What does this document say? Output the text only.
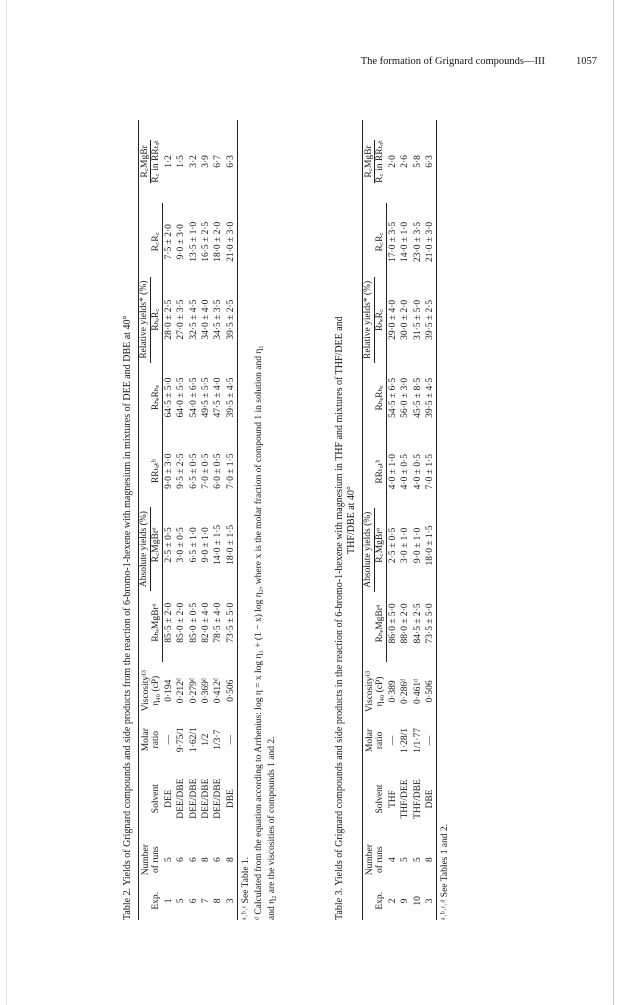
The formation of Grignard compounds—III	1057

Table 2. Yields of Grignard compounds and side products from the reaction of 6-bromo-1-hexene with magnesium in mixtures of DEE and DBE at 40° Exp.	Number of runs	Solvent	Molar ratio	Viscosity¹³ η₄₀ (cP)	Absolute yields (%)			Relative yields* (%)			R꜀MgBr R꜀ in RRₜₒₜ
					RₕₑMgBrᵃ	R꜀MgBrᵃ	RRₜₒₜᵇ	RₕₑRₕₑ	RₕₑR꜀	R꜀R꜀	
1	5	DEE	—	0·194	85·5 ± 2·0	2·5 ± 0·5	9·0 ± 3·0	64·5 ± 5·0	28·0 ± 2·5	7·5 ± 2·0	1·2
5	6	DEE/DBE	9·75/1	0·212ᵈ	85·0 ± 2·0	3·0 ± 0·5	9·5 ± 2·5	64·0 ± 5·5	27·0 ± 3·5	9·0 ± 3·0	1·5
6	6	DEE/DBE	1·62/1	0·279ᵈ	85·0 ± 0·5	6·5 ± 1·0	6·5 ± 0·5	54·0 ± 6·5	32·5 ± 4·5	13·5 ± 1·0	3·2
7	8	DEE/DBE	1/2	0·369ᵈ	82·0 ± 4·0	9·0 ± 1·0	7·0 ± 0·5	49·5 ± 5·5	34·0 ± 4·0	16·5 ± 2·5	3·9
8	6	DEE/DBE	1/3·7	0·412ᵈ	78·5 ± 4·0	14·0 ± 1·5	6·0 ± 0·5	47·5 ± 4·0	34·5 ± 3·5	18·0 ± 2·0	6·7
3	8	DBE	—	0·506	73·5 ± 5·0	18·0 ± 1·5	7·0 ± 1·5	39·5 ± 4·5	39·5 ± 2·5	21·0 ± 3·0	6·3

ᵃ˒ᵇ˒ᶜ See Table 1. ᵈ Calculated from the equation according to Arrhenius: log η = x log η₁ + (1 − x) log η₂, where x is the molar fraction of compound 1 in solution and η₁ and η₂ are the viscosities of compounds 1 and 2.	Table 3. Yields of Grignard compounds and side products in the reaction of 6-bromo-1-hexene with magnesium in THF and mixtures of THF/DEE and THF/DBE at 40°

Exp.	Number of runs	Solvent	Molar ratio	Viscosity¹³ η₄₀ (cP)	Absolute yields (%)			Relative yields* (%)			R꜀MgBr R꜀ in RRₜₒₜ
					RₕₑMgBrᵃ	R꜀MgBrᵃ	RRₜₒₜᵇ	RₕₑRₕₑ	RₕₑR꜀	R꜀R꜀	
2	4	THF	—	0·389	86·0 ± 5·0	2·5 ± 0·5	4·0 ± 1·0	54·5 ± 6·5	29·0 ± 4·0	17·0 ± 3·5	2·0
9	5	THF/DEE	1·28/1	0·286ᵈ	88·0 ± 2·0	3·0 ± 1·0	4·0 ± 0·5	56·0 ± 3·0	30·0 ± 2·0	14·0 ± 1·0	2·6
10	5	THF/DBE	1/1·77	0·461ᵈ	84·5 ± 2·5	9·0 ± 1·0	4·0 ± 0·5	45·5 ± 8·5	31·5 ± 5·0	23·0 ± 3·5	5·8
3	8	DBE	—	0·506	73·5 ± 5·0	18·0 ± 1·5	7·0 ± 1·5	39·5 ± 4·5	39·5 ± 2·5	21·0 ± 3·0	6·3

ᵃ˒ᵇ˒ᶜ˒ᵈ See Tables 1 and 2.
